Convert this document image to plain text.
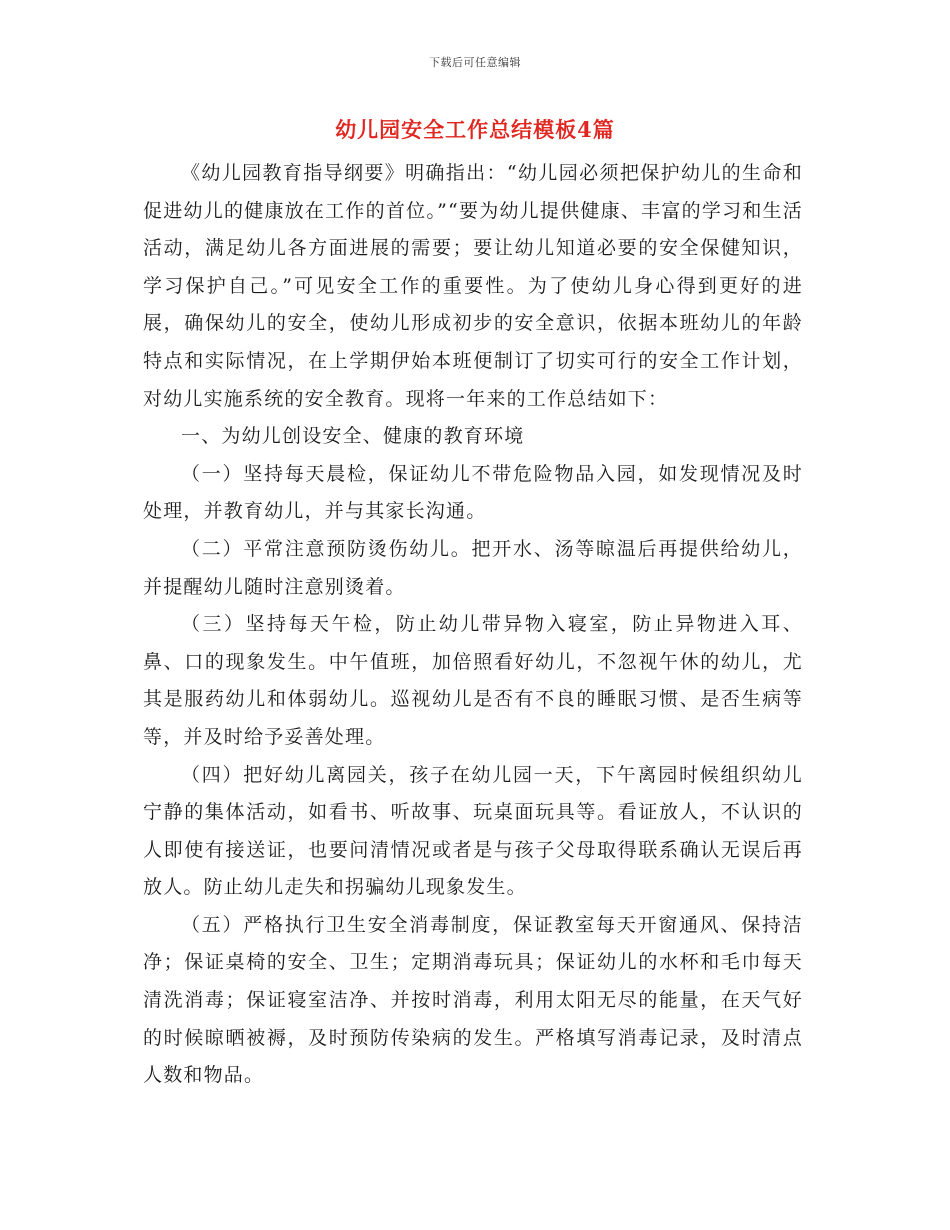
下载后可任意编辑
幼儿园安全工作总结模板4篇

《幼儿园教育指导纲要》明确指出：“幼儿园必须把保护幼儿的生命和促进幼儿的健康放在工作的首位。”“要为幼儿提供健康、丰富的学习和生活活动，满足幼儿各方面进展的需要；要让幼儿知道必要的安全保健知识，学习保护自己。”可见安全工作的重要性。为了使幼儿身心得到更好的进展，确保幼儿的安全，使幼儿形成初步的安全意识，依据本班幼儿的年龄特点和实际情况，在上学期伊始本班便制订了切实可行的安全工作计划，对幼儿实施系统的安全教育。现将一年来的工作总结如下：

一、为幼儿创设安全、健康的教育环境

（一）坚持每天晨检，保证幼儿不带危险物品入园，如发现情况及时处理，并教育幼儿，并与其家长沟通。

（二）平常注意预防烫伤幼儿。把开水、汤等晾温后再提供给幼儿，并提醒幼儿随时注意别烫着。

（三）坚持每天午检，防止幼儿带异物入寝室，防止异物进入耳、鼻、口的现象发生。中午值班，加倍照看好幼儿，不忽视午休的幼儿，尤其是服药幼儿和体弱幼儿。巡视幼儿是否有不良的睡眠习惯、是否生病等等，并及时给予妥善处理。

（四）把好幼儿离园关，孩子在幼儿园一天，下午离园时候组织幼儿宁静的集体活动，如看书、听故事、玩桌面玩具等。看证放人，不认识的人即使有接送证，也要问清情况或者是与孩子父母取得联系确认无误后再放人。防止幼儿走失和拐骗幼儿现象发生。

（五）严格执行卫生安全消毒制度，保证教室每天开窗通风、保持洁净；保证桌椅的安全、卫生；定期消毒玩具；保证幼儿的水杯和毛巾每天清洗消毒；保证寝室洁净、并按时消毒，利用太阳无尽的能量，在天气好的时候晾晒被褥，及时预防传染病的发生。严格填写消毒记录，及时清点人数和物品。
